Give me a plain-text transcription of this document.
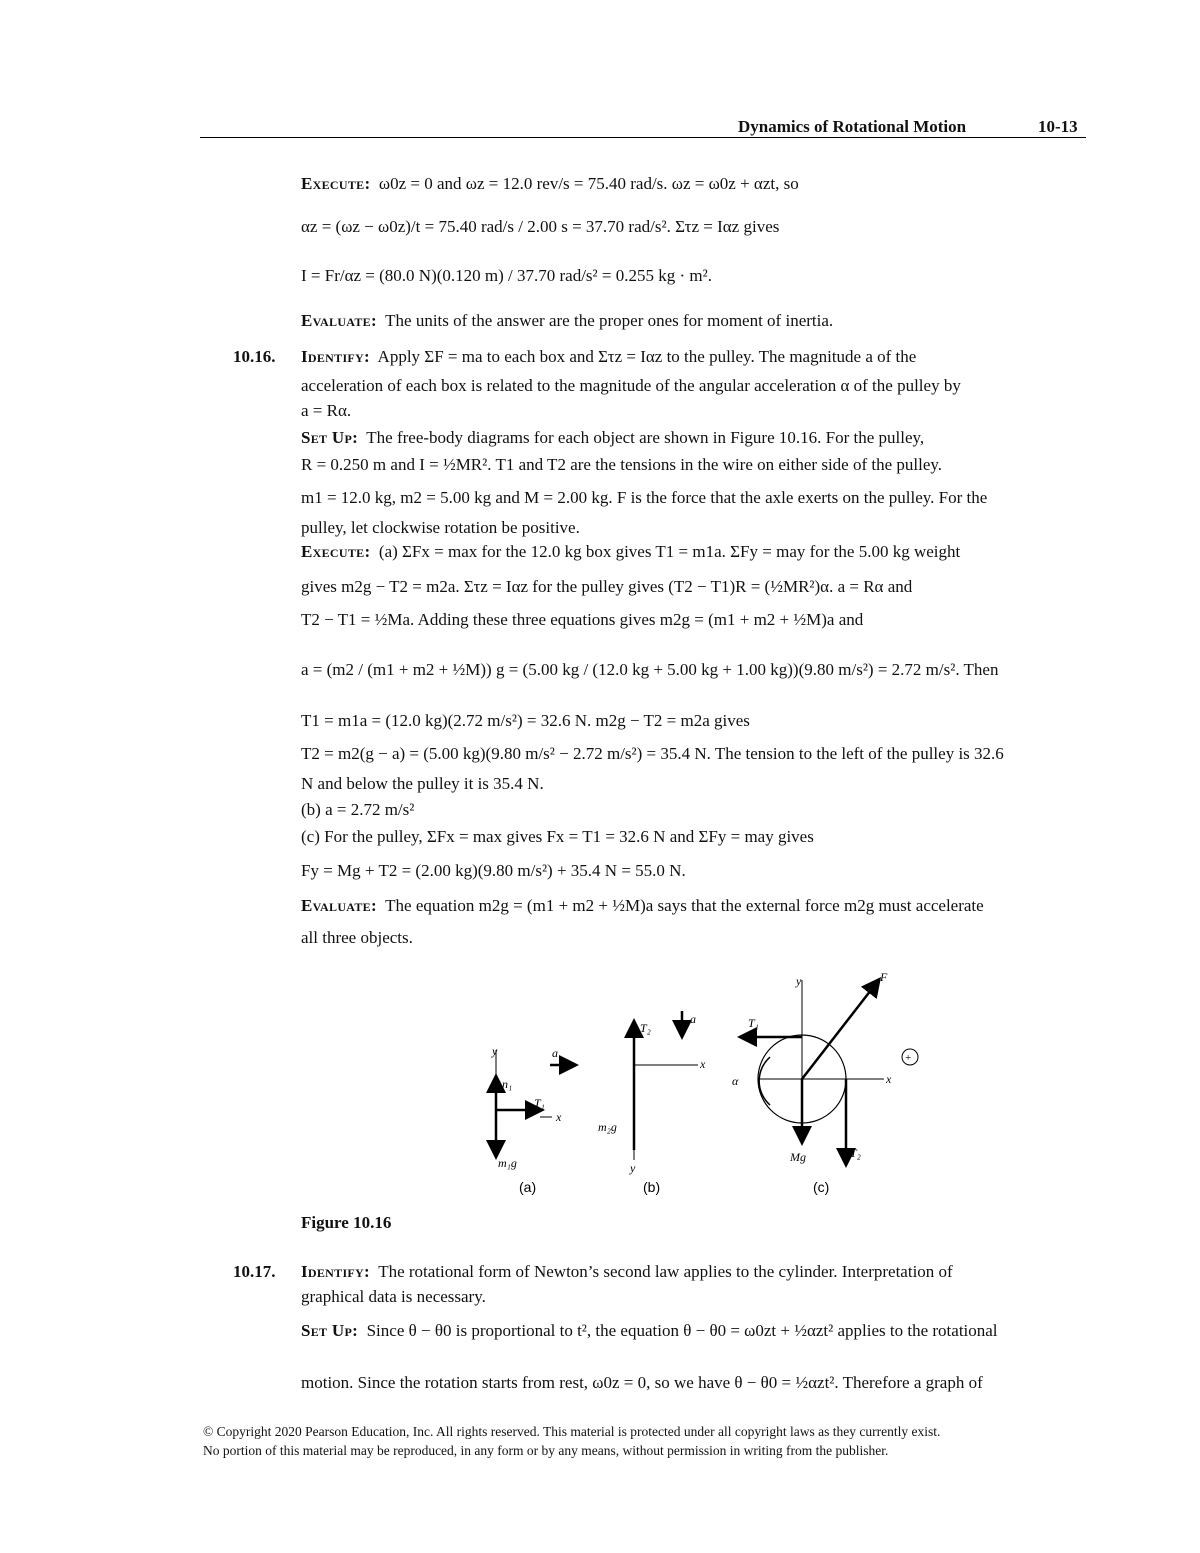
Dynamics of Rotational Motion	10-13
Execute: ω0z = 0 and ωz = 12.0 rev/s = 75.40 rad/s. ωz = ω0z + αzt, so
αz = (ωz − ω0z)/t = 75.40 rad/s / 2.00 s = 37.70 rad/s². Στz = Iαz gives
I = Fr/αz = (80.0 N)(0.120 m) / 37.70 rad/s² = 0.255 kg · m².
Evaluate: The units of the answer are the proper ones for moment of inertia.
10.16. Identify: Apply ΣF = ma to each box and Στz = Iαz to the pulley. The magnitude a of the
acceleration of each box is related to the magnitude of the angular acceleration α of the pulley by
a = Rα.
Set Up: The free-body diagrams for each object are shown in Figure 10.16. For the pulley,
R = 0.250 m and I = ½MR². T1 and T2 are the tensions in the wire on either side of the pulley.
m1 = 12.0 kg, m2 = 5.00 kg and M = 2.00 kg. F is the force that the axle exerts on the pulley. For the
pulley, let clockwise rotation be positive.
Execute: (a) ΣFx = max for the 12.0 kg box gives T1 = m1a. ΣFy = may for the 5.00 kg weight
gives m2g − T2 = m2a. Στz = Iαz for the pulley gives (T2 − T1)R = (½MR²)α. a = Rα and
T2 − T1 = ½Ma. Adding these three equations gives m2g = (m1 + m2 + ½M)a and
a = (m2 / (m1 + m2 + ½M)) g = (5.00 kg / (12.0 kg + 5.00 kg + 1.00 kg))(9.80 m/s²) = 2.72 m/s². Then
T1 = m1a = (12.0 kg)(2.72 m/s²) = 32.6 N. m2g − T2 = m2a gives
T2 = m2(g − a) = (5.00 kg)(9.80 m/s² − 2.72 m/s²) = 35.4 N. The tension to the left of the pulley is 32.6
N and below the pulley it is 35.4 N.
(b) a = 2.72 m/s²
(c) For the pulley, ΣFx = max gives Fx = T1 = 32.6 N and ΣFy = may gives
Fy = Mg + T2 = (2.00 kg)(9.80 m/s²) + 35.4 N = 55.0 N.
Evaluate: The equation m2g = (m1 + m2 + ½M)a says that the external force m2g must accelerate
all three objects.
y
n₁
m₁g
T₁
x
a
T₂
m₂g
y
x
a
y
x
F
Mg
T₁
T₂
α
+
(a)	(b)	(c)
Figure 10.16
10.17. Identify: The rotational form of Newton’s second law applies to the cylinder. Interpretation of
graphical data is necessary.
Set Up: Since θ − θ0 is proportional to t², the equation θ − θ0 = ω0zt + ½αzt² applies to the rotational
motion. Since the rotation starts from rest, ω0z = 0, so we have θ − θ0 = ½αzt². Therefore a graph of
© Copyright 2020 Pearson Education, Inc. All rights reserved. This material is protected under all copyright laws as they currently exist.
No portion of this material may be reproduced, in any form or by any means, without permission in writing from the publisher.
